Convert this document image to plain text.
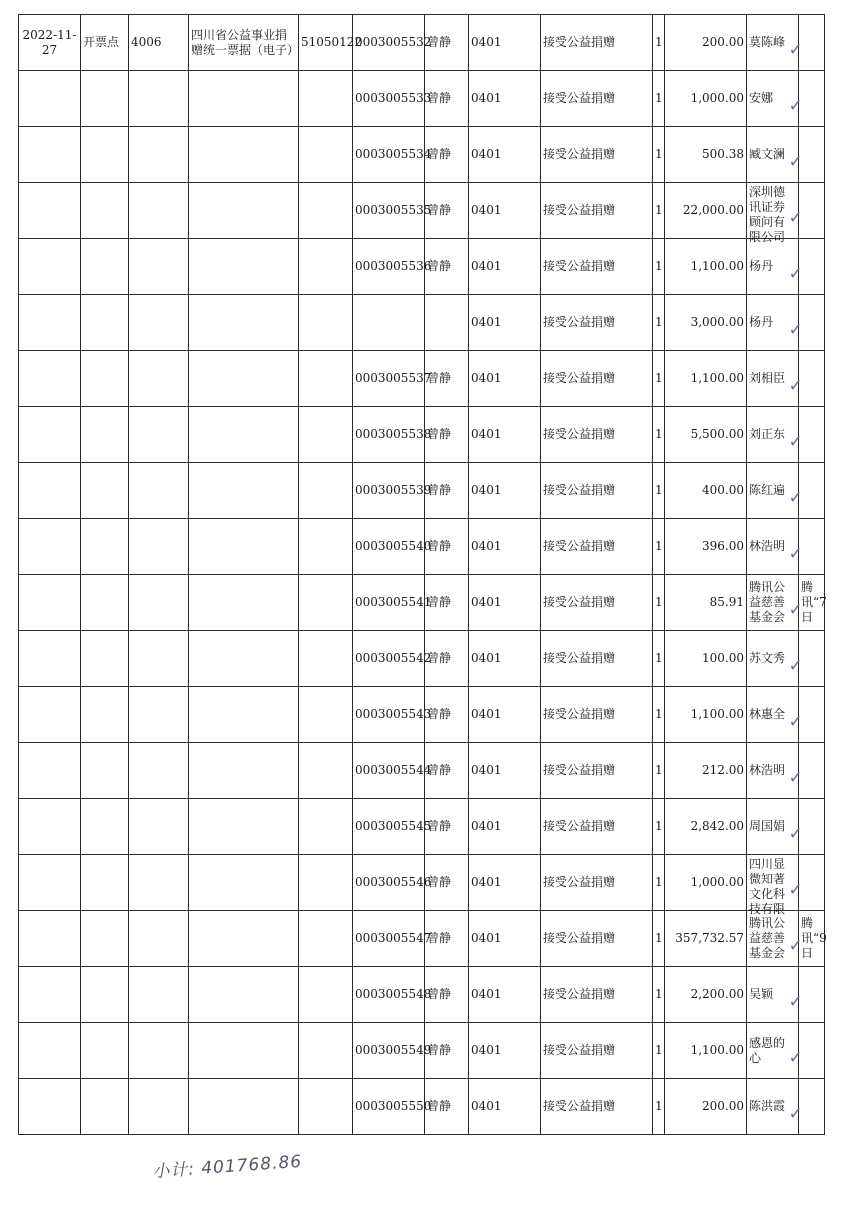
2022-11-27	开票点	4006	四川省公益事业捐赠统一票据（电子）	51050122	0003005532	曾静	0401	接受公益捐赠	1	200.00	莫陈峰	

					0003005533	曾静	0401	接受公益捐赠	1	1,000.00	安娜	

					0003005534	曾静	0401	接受公益捐赠	1	500.38	臧文澜	

					0003005535	曾静	0401	接受公益捐赠	1	22,000.00	深圳德讯证券顾问有限公司	

					0003005536	曾静	0401	接受公益捐赠	1	1,100.00	杨丹	

							0401	接受公益捐赠	1	3,000.00	杨丹	

					0003005537	曾静	0401	接受公益捐赠	1	1,100.00	刘相臣	

					0003005538	曾静	0401	接受公益捐赠	1	5,500.00	刘正东	

					0003005539	曾静	0401	接受公益捐赠	1	400.00	陈红遍	

					0003005540	曾静	0401	接受公益捐赠	1	396.00	林浩明	

					0003005541	曾静	0401	接受公益捐赠	1	85.91	腾讯公益慈善基金会	腾讯“7日

					0003005542	曾静	0401	接受公益捐赠	1	100.00	苏文秀	

					0003005543	曾静	0401	接受公益捐赠	1	1,100.00	林惠全	

					0003005544	曾静	0401	接受公益捐赠	1	212.00	林浩明	

					0003005545	曾静	0401	接受公益捐赠	1	2,842.00	周国娟	

					0003005546	曾静	0401	接受公益捐赠	1	1,000.00	四川显微知著文化科技有限	

					0003005547	曾静	0401	接受公益捐赠	1	357,732.57	腾讯公益慈善基金会	腾讯“9日

					0003005548	曾静	0401	接受公益捐赠	1	2,200.00	吴颖	

					0003005549	曾静	0401	接受公益捐赠	1	1,100.00	感恩的心	

					0003005550	曾静	0401	接受公益捐赠	1	200.00	陈洪霞	

小计: 401768.86
✓
✓
✓
✓
✓
✓
✓
✓
✓
✓
✓
✓
✓
✓
✓
✓
✓
✓
✓
✓
